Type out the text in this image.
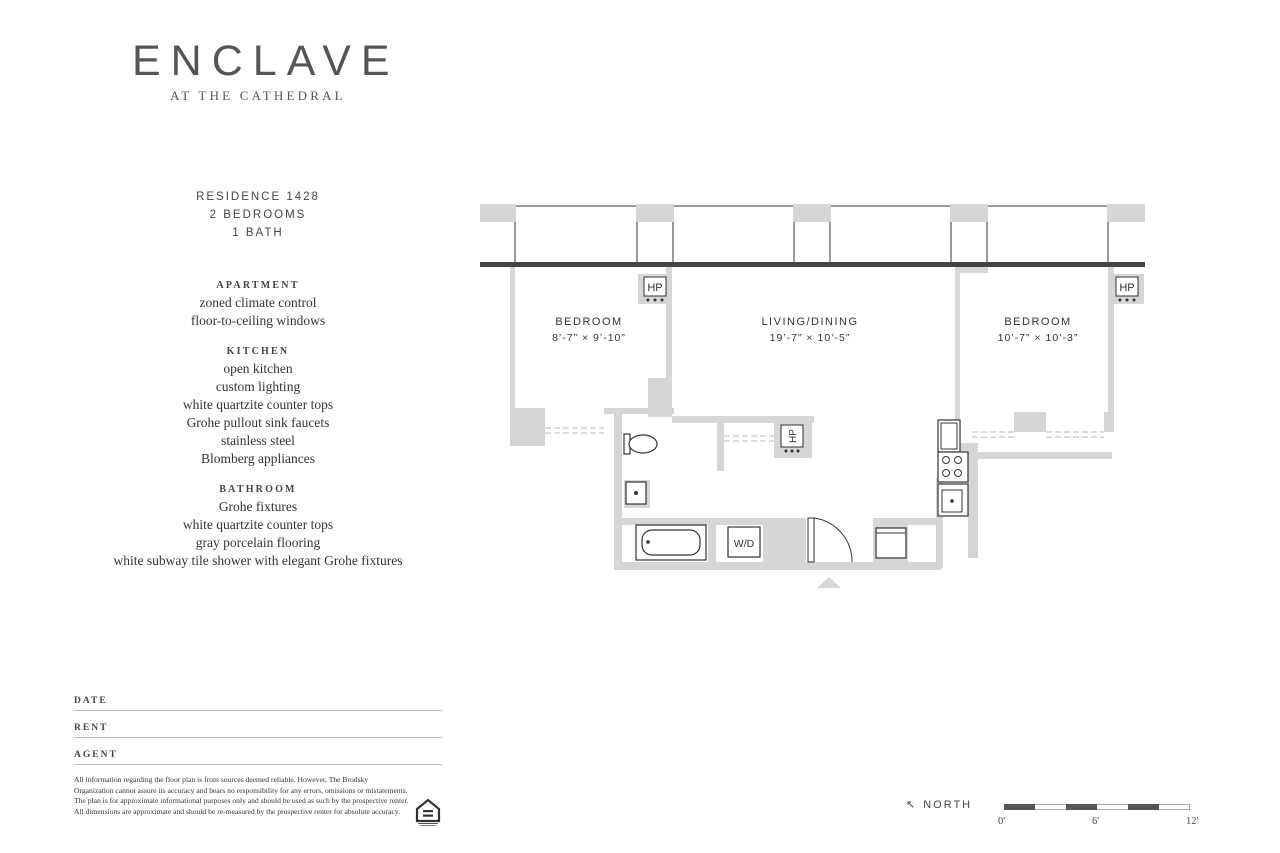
ENCLAVE
AT THE CATHEDRAL
RESIDENCE 1428
2 BEDROOMS
1 BATH
APARTMENT
zoned climate control
floor-to-ceiling windows
KITCHEN
open kitchen
custom lighting
white quartzite counter tops
Grohe pullout sink faucets
stainless steel
Blomberg appliances
BATHROOM
Grohe fixtures
white quartzite counter tops
gray porcelain flooring
white subway tile shower with elegant Grohe fixtures
DATE
RENT
AGENT
All information regarding the floor plan is from sources deemed reliable. However, The Brodsky Organization cannot assure its accuracy and bears no responsibility for any errors, omissions or mistatements. The plan is for approximate informational purposes only and should be used as such by the prospective renter. All dimensions are approximate and should be re-measured by the prospective renter for absolute accuracy.
HP	HP
HP
BEDROOM
8’-7” × 9’-10”
LIVING/DINING
19’-7” × 10’-5”
BEDROOM
10’-7” × 10’-3”
W/D
↖ NORTH
0'	6'	12'
